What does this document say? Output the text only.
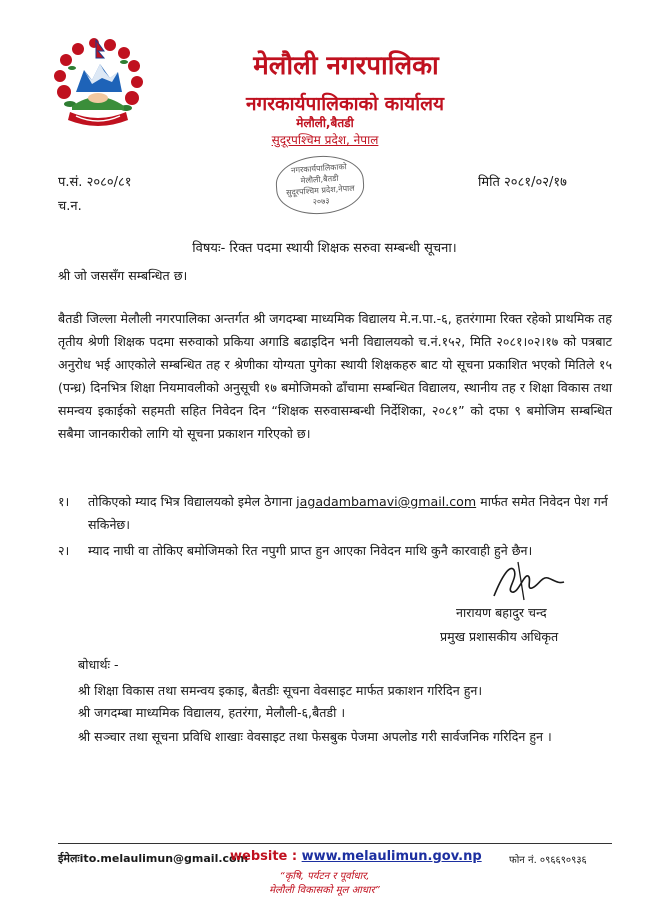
मेलौली नगरपालिका
नगरकार्यपालिकाको कार्यालय
मेलौली,बैतडी
सुदूरपश्चिम प्रदेश, नेपाल
प.सं. २०८०/८१
च.न.
मिति २०८१/०२/१७
नगरकार्यपालिकाको
मेलौली,बैतडी
सुदूरपश्चिम प्रदेश,नेपाल
२०७३
विषयः- रिक्त पदमा स्थायी शिक्षक सरुवा सम्बन्धी सूचना।
श्री जो जससँग सम्बन्धित छ।
बैतडी जिल्ला मेलौली नगरपालिका अन्तर्गत श्री जगदम्बा माध्यमिक विद्यालय मे.न.पा.-६, हतरंगामा रिक्त रहेको प्राथमिक तह तृतीय श्रेणी शिक्षक पदमा सरुवाको प्रकिया अगाडि बढाइदिन भनी विद्यालयको च.नं.१५२, मिति २०८१।०२।१७ को पत्रबाट अनुरोध भई आएकोले सम्बन्धित तह र श्रेणीका योग्यता पुगेका स्थायी शिक्षकहरु बाट यो सूचना प्रकाशित भएको मितिले १५ (पन्ध्र) दिनभित्र शिक्षा नियमावलीको अनुसूची १७ बमोजिमको ढाँचामा सम्बन्धित विद्यालय, स्थानीय तह र शिक्षा विकास तथा समन्वय इकाईको सहमती सहित निवेदन दिन “शिक्षक सरुवासम्बन्धी निर्देशिका, २०८१” को दफा ९ बमोजिम सम्बन्धित सबैमा जानकारीको लागि यो सूचना प्रकाशन गरिएको छ।
१। तोकिएको म्याद भित्र विद्यालयको इमेल ठेगाना jagadambamavi@gmail.com मार्फत समेत निवेदन पेश गर्न सकिनेछ।
२। म्याद नाघी वा तोकिए बमोजिमको रित नपुगी प्राप्त हुन आएका निवेदन माथि कुनै कारवाही हुने छैन।
नारायण बहादुर चन्द
प्रमुख प्रशासकीय अधिकृत
बोधार्थः -
श्री शिक्षा विकास तथा समन्वय इकाइ, बैतडीः सूचना वेवसाइट मार्फत प्रकाशन गरिदिन हुन।
श्री जगदम्बा माध्यमिक विद्यालय, हतरंगा, मेलौली-६,बैतडी ।
श्री सञ्चार तथा सूचना प्रविधि शाखाः वेवसाइट तथा फेसबुक पेजमा अपलोड गरी सार्वजनिक गरिदिन हुन ।
ईमेलःito.melaulimun@gmail.com
website : www.melaulimun.gov.np	फोन नं. ०९६६९०९३६
“कृषि, पर्यटन र पूर्वाधार,
मेलौली विकासको मूल आधार”
